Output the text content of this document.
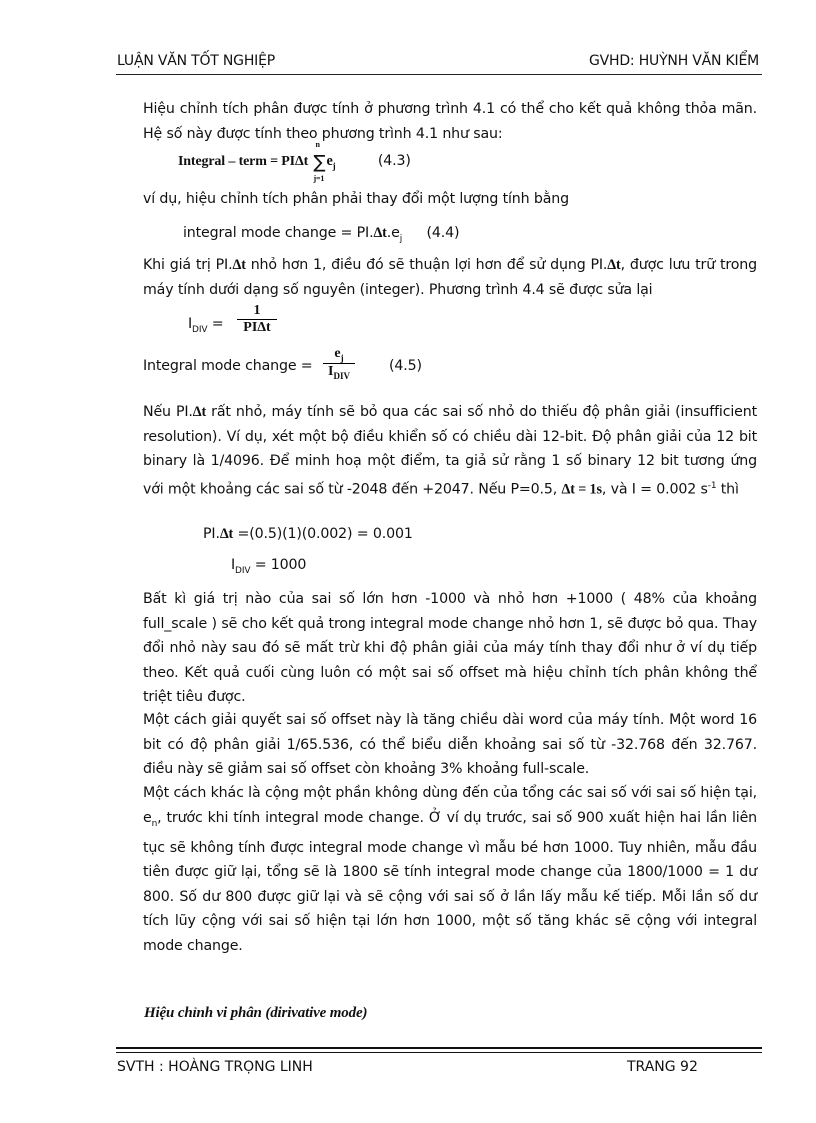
LUẬN VĂN TỐT NGHIỆP	GVHD: HUỲNH VĂN KIỂM
Hiệu chỉnh tích phân được tính ở phương trình 4.1 có thể cho kết quả không thỏa mãn. Hệ số này được tính theo phương trình 4.1 như sau:
Integral – term = PIΔt ∑
n
j=1
$e_j$	(4.3)
ví dụ, hiệu chỉnh tích phân phải thay đổi một lượng tính bằng
integral mode change = $PI.\Delta t.e_j$ (4.4)
Khi giá trị PI.Δt nhỏ hơn 1, điều đó sẽ thuận lợi hơn để sử dụng PI.Δt, được lưu trữ trong máy tính dưới dạng số nguyên (integer). Phương trình 4.4 sẽ được sửa lại
$I_{DIV}$ =
1
PIΔt
Integral mode change =
$e_j$
$I_{DIV}$
(4.5)
Nếu PI.Δt rất nhỏ, máy tính sẽ bỏ qua các sai số nhỏ do thiếu độ phân giải (insufficient resolution). Ví dụ, xét một bộ điều khiển số có chiều dài 12-bit. Độ phân giải của 12 bit binary là 1/4096. Để minh hoạ một điểm, ta giả sử rằng 1 số binary 12 bit tương ứng với một khoảng các sai số từ -2048 đến +2047. Nếu P=0.5, Δt = 1s, và I = 0.002 $s^{-1}$ thì
PI.Δt =(0.5)(1)(0.002) = 0.001
$I_{DIV} = 1000$
Bất kì giá trị nào của sai số lớn hơn -1000 và nhỏ hơn +1000 ( 48% của khoảng full_scale ) sẽ cho kết quả trong integral mode change nhỏ hơn 1, sẽ được bỏ qua. Thay đổi nhỏ này sau đó sẽ mất trừ khi độ phân giải của máy tính thay đổi như ở ví dụ tiếp theo. Kết quả cuối cùng luôn có một sai số offset mà hiệu chỉnh tích phân không thể triệt tiêu được.
Một cách giải quyết sai số offset này là tăng chiều dài word của máy tính. Một word 16 bit có độ phân giải 1/65.536, có thể biểu diễn khoảng sai số từ -32.768 đến 32.767. điều này sẽ giảm sai số offset còn khoảng 3% khoảng full-scale.
Một cách khác là cộng một phần không dùng đến của tổng các sai số với sai số hiện tại, $e_n$, trước khi tính integral mode change. Ở ví dụ trước, sai số 900 xuất hiện hai lần liên tục sẽ không tính được integral mode change vì mẫu bé hơn 1000. Tuy nhiên, mẫu đầu tiên được giữ lại, tổng sẽ là 1800 sẽ tính integral mode change của 1800/1000 = 1 dư 800. Số dư 800 được giữ lại và sẽ cộng với sai số ở lần lấy mẫu kế tiếp. Mỗi lần số dư tích lũy cộng với sai số hiện tại lớn hơn 1000, một số tăng khác sẽ cộng với integral mode change.
Hiệu chỉnh vi phân (dirivative mode)
SVTH : HOÀNG TRỌNG LINH	TRANG 92
